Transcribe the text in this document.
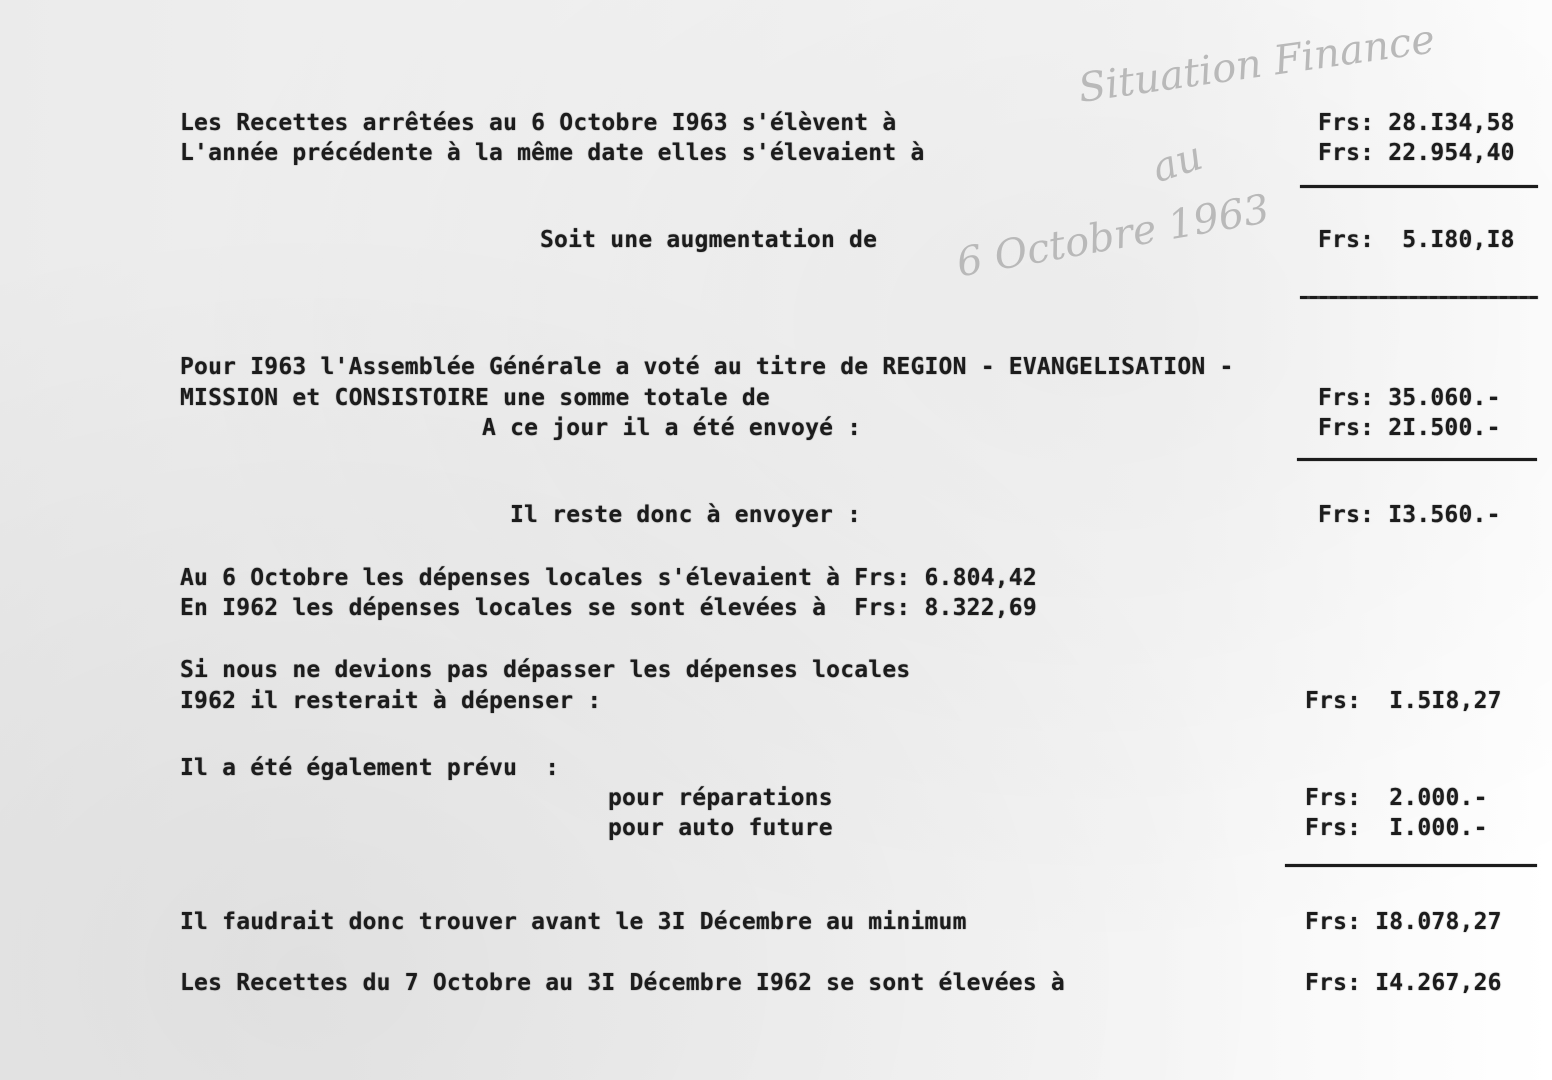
Situation Finance
au
6 Octobre 1963
Les Recettes arrêtées au 6 Octobre I963 s'élèvent à	Frs: 28.I34,58
L'année précédente à la même date elles s'élevaient à	Frs: 22.954,40
Soit une augmentation de	Frs:  5.I80,I8
Pour I963 l'Assemblée Générale a voté au titre de REGION - EVANGELISATION -
MISSION et CONSISTOIRE une somme totale de	Frs: 35.060.-
A ce jour il a été envoyé :	Frs: 2I.500.-
Il reste donc à envoyer :	Frs: I3.560.-
Au 6 Octobre les dépenses locales s'élevaient à Frs: 6.804,42
En I962 les dépenses locales se sont élevées à  Frs: 8.322,69
Si nous ne devions pas dépasser les dépenses locales
I962 il resterait à dépenser :	Frs:  I.5I8,27
Il a été également prévu  :
pour réparations	Frs:  2.000.-
pour auto future	Frs:  I.000.-
Il faudrait donc trouver avant le 3I Décembre au minimum	Frs: I8.078,27
Les Recettes du 7 Octobre au 3I Décembre I962 se sont élevées à	Frs: I4.267,26
